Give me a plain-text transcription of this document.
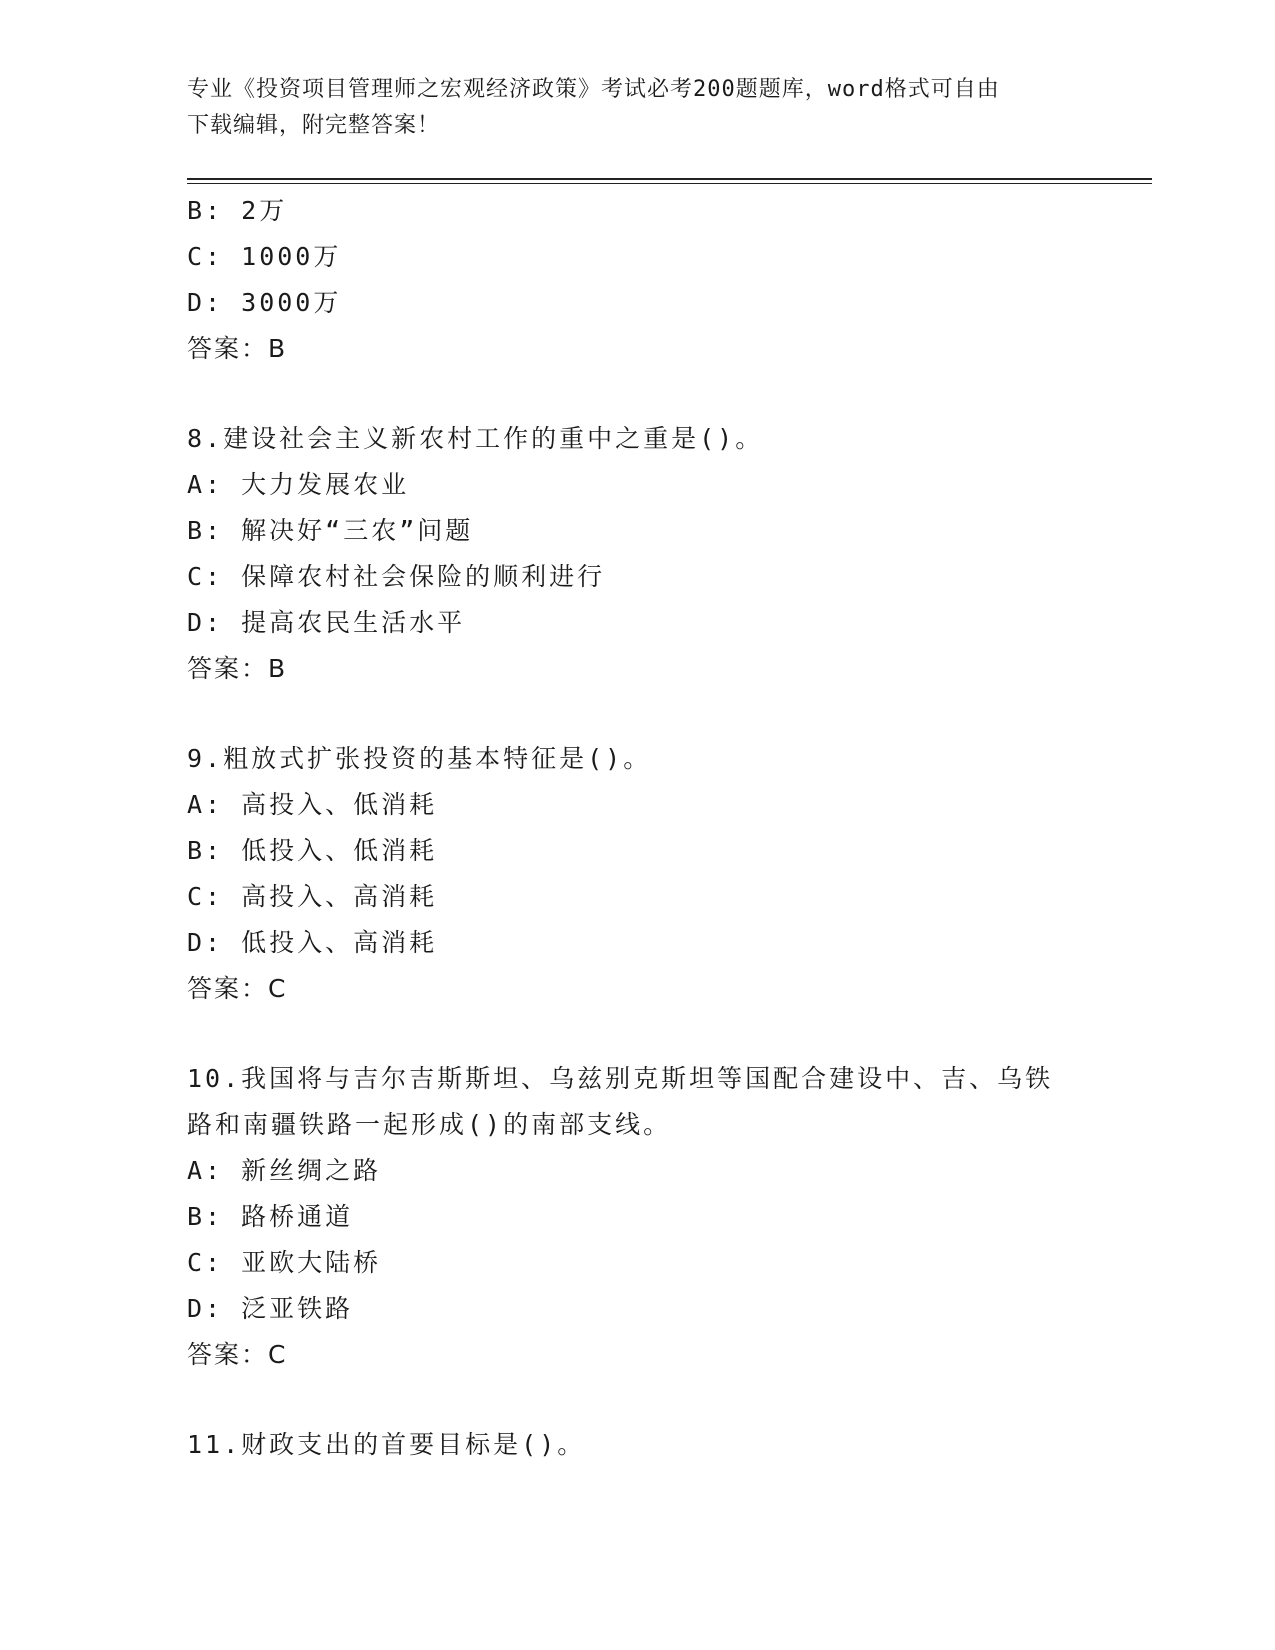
专业《投资项目管理师之宏观经济政策》考试必考200题题库，word格式可自由
下载编辑，附完整答案！
B: 2万
C: 1000万
D: 3000万
答案：B
8.建设社会主义新农村工作的重中之重是()。
A: 大力发展农业
B: 解决好“三农”问题
C: 保障农村社会保险的顺利进行
D: 提高农民生活水平
答案：B
9.粗放式扩张投资的基本特征是()。
A: 高投入、低消耗
B: 低投入、低消耗
C: 高投入、高消耗
D: 低投入、高消耗
答案：C
10.我国将与吉尔吉斯斯坦、乌兹别克斯坦等国配合建设中、吉、乌铁
路和南疆铁路一起形成()的南部支线。
A: 新丝绸之路
B: 路桥通道
C: 亚欧大陆桥
D: 泛亚铁路
答案：C
11.财政支出的首要目标是()。
